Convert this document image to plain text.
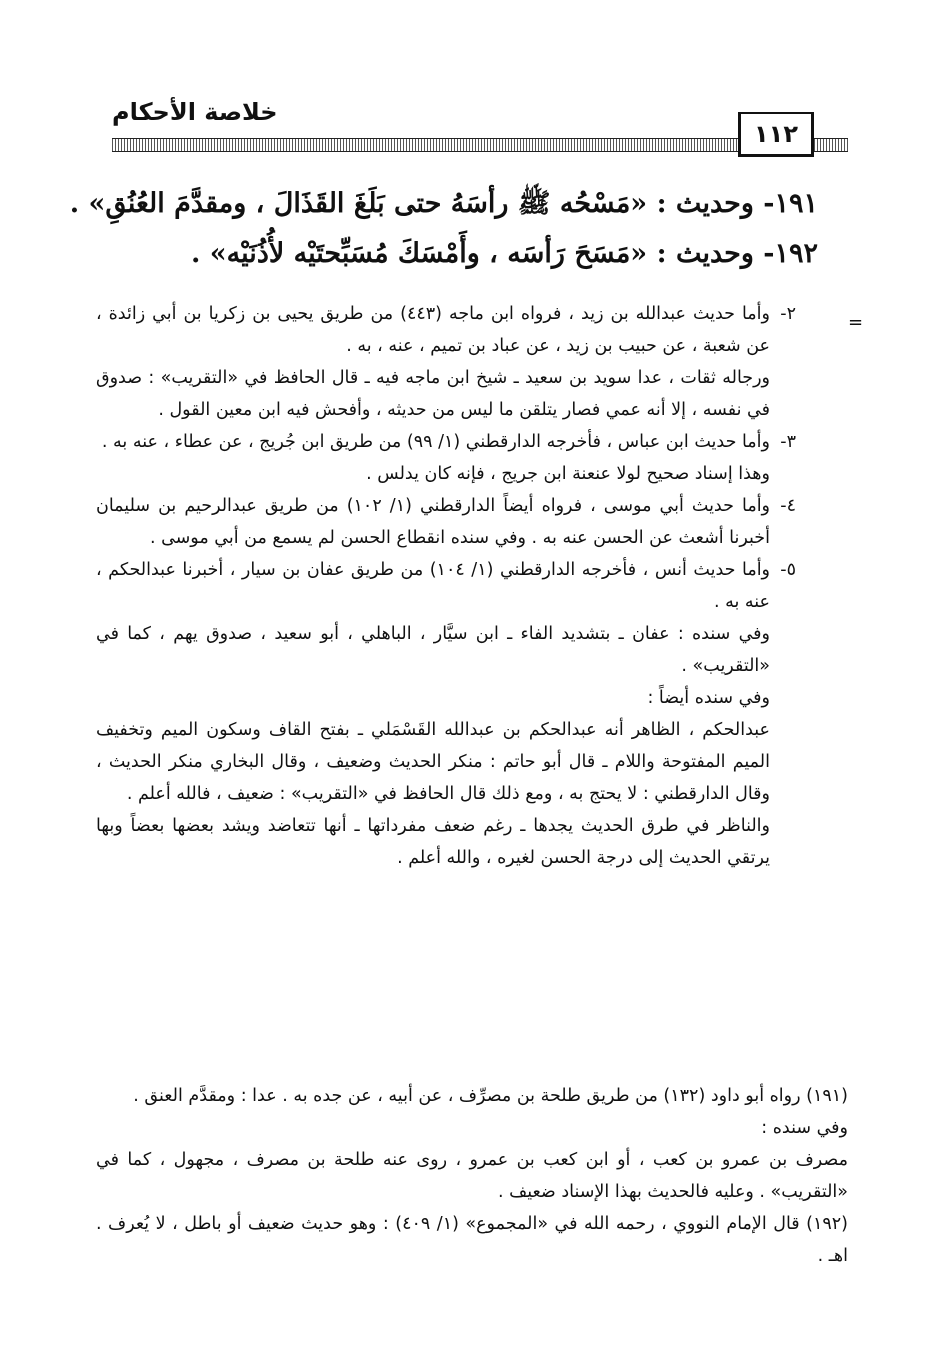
خلاصة الأحكام
١١٢
١٩١- وحديث : «مَسْحُه ﷺ رأسَهُ حتى بَلَغَ القَذَالَ ، ومقدَّمَ العُنُقِ» .
١٩٢- وحديث : «مَسَحَ رَأسَه ، وأَمْسَكَ مُسَبِّحتَيْه لأُذُنَيْه» .
=

٢-
وأما حديث عبدالله بن زيد ، فرواه ابن ماجه (٤٤٣) من طريق يحيى بن زكريا بن أبي زائدة ، عن شعبة ، عن حبيب بن زيد ، عن عباد بن تميم ، عنه ، به .

ورجاله ثقات ، عدا سويد بن سعيد ـ شيخ ابن ماجه فيه ـ قال الحافظ في «التقريب» : صدوق في نفسه ، إلا أنه عمي فصار يتلقن ما ليس من حديثه ، وأفحش فيه ابن معين القول .

٣-
وأما حديث ابن عباس ، فأخرجه الدارقطني (١/ ٩٩) من طريق ابن جُريج ، عن عطاء ، عنه به .

وهذا إسناد صحيح لولا عنعنة ابن جريج ، فإنه كان يدلس .

٤-
وأما حديث أبي موسى ، فرواه أيضاً الدارقطني (١/ ١٠٢) من طريق عبدالرحيم بن سليمان أخبرنا أشعث عن الحسن عنه به . وفي سنده انقطاع الحسن لم يسمع من أبي موسى .

٥-
وأما حديث أنس ، فأخرجه الدارقطني (١/ ١٠٤) من طريق عفان بن سيار ، أخبرنا عبدالحكم ، عنه به .

وفي سنده : عفان ـ بتشديد الفاء ـ ابن سيَّار ، الباهلي ، أبو سعيد ، صدوق يهم ، كما في «التقريب» .

وفي سنده أيضاً :

عبدالحكم ، الظاهر أنه عبدالحكم بن عبدالله القَسْمَلي ـ بفتح القاف وسكون الميم وتخفيف الميم المفتوحة واللام ـ قال أبو حاتم : منكر الحديث وضعيف ، وقال البخاري منكر الحديث ، وقال الدارقطني : لا يحتج به ، ومع ذلك قال الحافظ في «التقريب» : ضعيف ، فالله أعلم .

والناظر في طرق الحديث يجدها ـ رغم ضعف مفرداتها ـ أنها تتعاضد ويشد بعضها بعضاً وبها يرتقي الحديث إلى درجة الحسن لغيره ، والله أعلم .

(١٩١) رواه أبو داود (١٣٢) من طريق طلحة بن مصرِّف ، عن أبيه ، عن جده به . عدا : ومقدَّم العنق .

وفي سنده :

مصرف بن عمرو بن كعب ، أو ابن كعب بن عمرو ، روى عنه طلحة بن مصرف ، مجهول ، كما في «التقريب» . وعليه فالحديث بهذا الإسناد ضعيف .

(١٩٢) قال الإمام النووي ، رحمه الله في «المجموع» (١/ ٤٠٩) : وهو حديث ضعيف أو باطل ، لا يُعرف . اهـ .
